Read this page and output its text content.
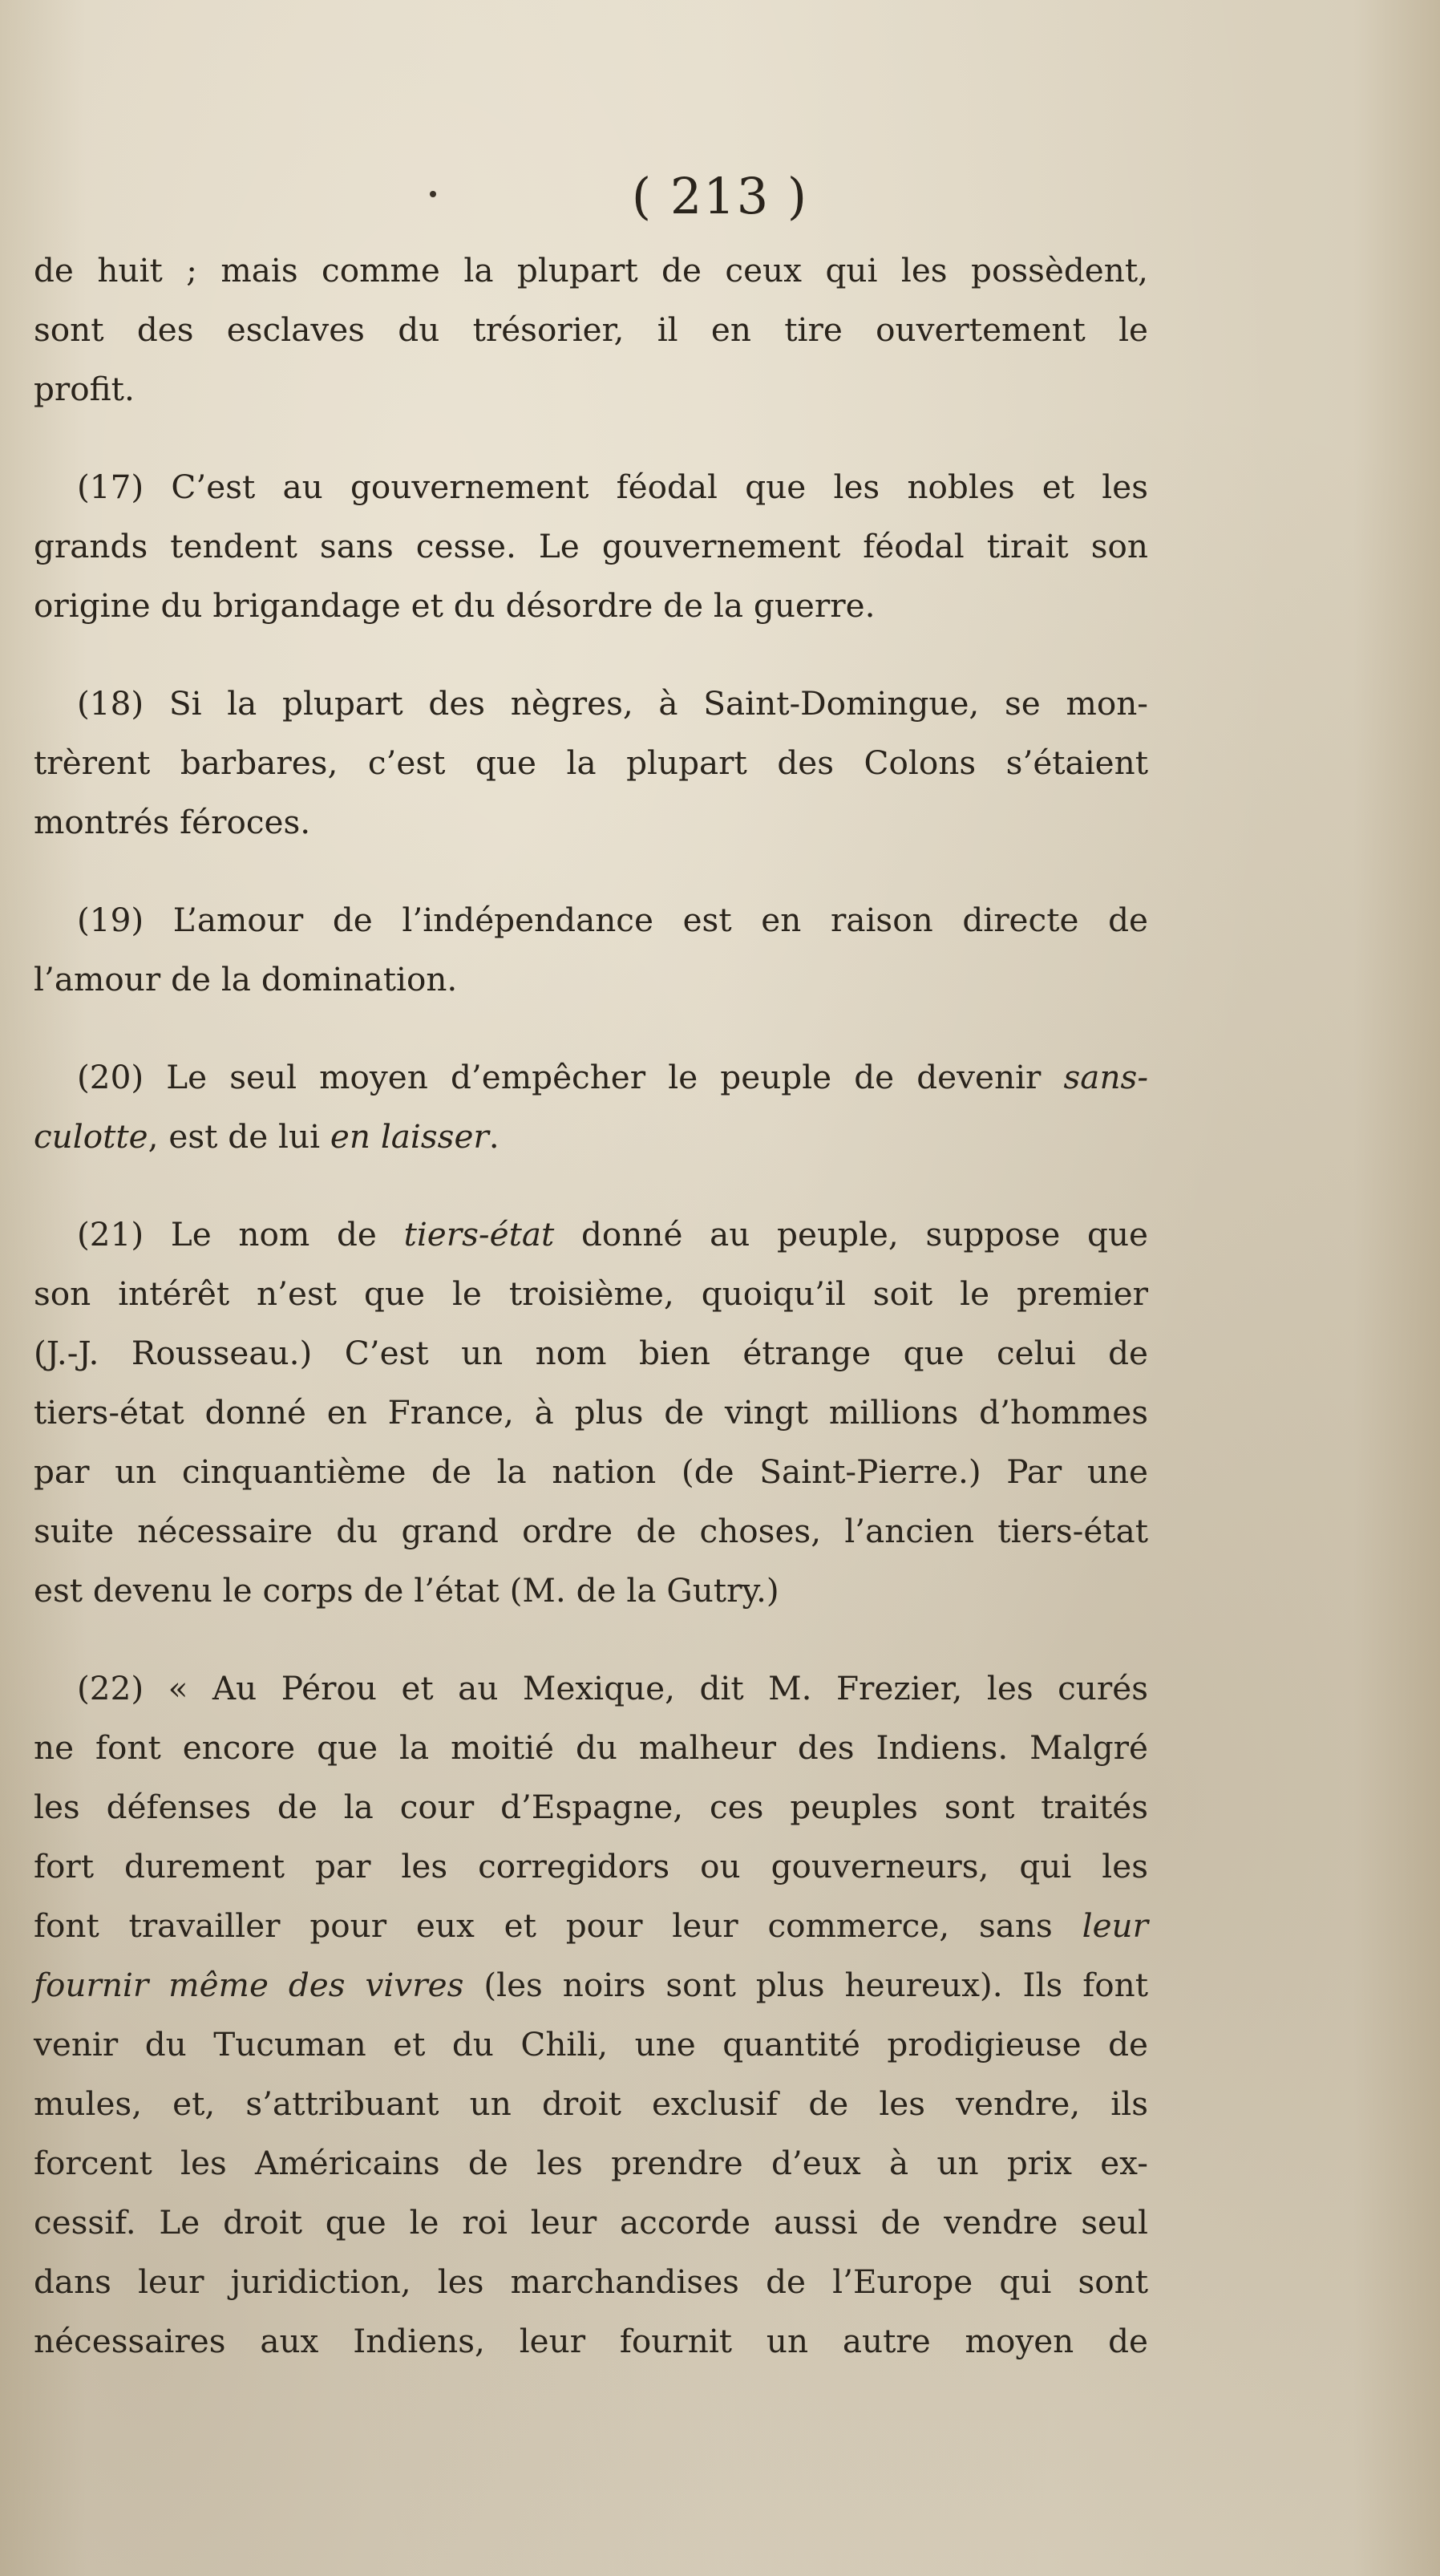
( 213 )
de huit ; mais comme la plupart de ceux qui les possèdent,
sont des esclaves du trésorier, il en tire ouvertement le
profit.
(17) C’est au gouvernement féodal que les nobles et les
grands tendent sans cesse. Le gouvernement féodal tirait son
origine du brigandage et du désordre de la guerre.
(18) Si la plupart des nègres, à Saint-Domingue, se mon-
trèrent barbares, c’est que la plupart des Colons s’étaient
montrés féroces.
(19) L’amour de l’indépendance est en raison directe de
l’amour de la domination.
(20) Le seul moyen d’empêcher le peuple de devenir sans-
culotte, est de lui en laisser.
(21) Le nom de tiers-état donné au peuple, suppose que
son intérêt n’est que le troisième, quoiqu’il soit le premier
(J.-J. Rousseau.) C’est un nom bien étrange que celui de
tiers-état donné en France, à plus de vingt millions d’hommes
par un cinquantième de la nation (de Saint-Pierre.) Par une
suite nécessaire du grand ordre de choses, l’ancien tiers-état
est devenu le corps de l’état (M. de la Gutry.)
(22) « Au Pérou et au Mexique, dit M. Frezier, les curés
ne font encore que la moitié du malheur des Indiens. Malgré
les défenses de la cour d’Espagne, ces peuples sont traités
fort durement par les corregidors ou gouverneurs, qui les
font travailler pour eux et pour leur commerce, sans leur
fournir même des vivres (les noirs sont plus heureux). Ils font
venir du Tucuman et du Chili, une quantité prodigieuse de
mules, et, s’attribuant un droit exclusif de les vendre, ils
forcent les Américains de les prendre d’eux à un prix ex-
cessif. Le droit que le roi leur accorde aussi de vendre seul
dans leur juridiction, les marchandises de l’Europe qui sont
nécessaires aux Indiens, leur fournit un autre moyen de
